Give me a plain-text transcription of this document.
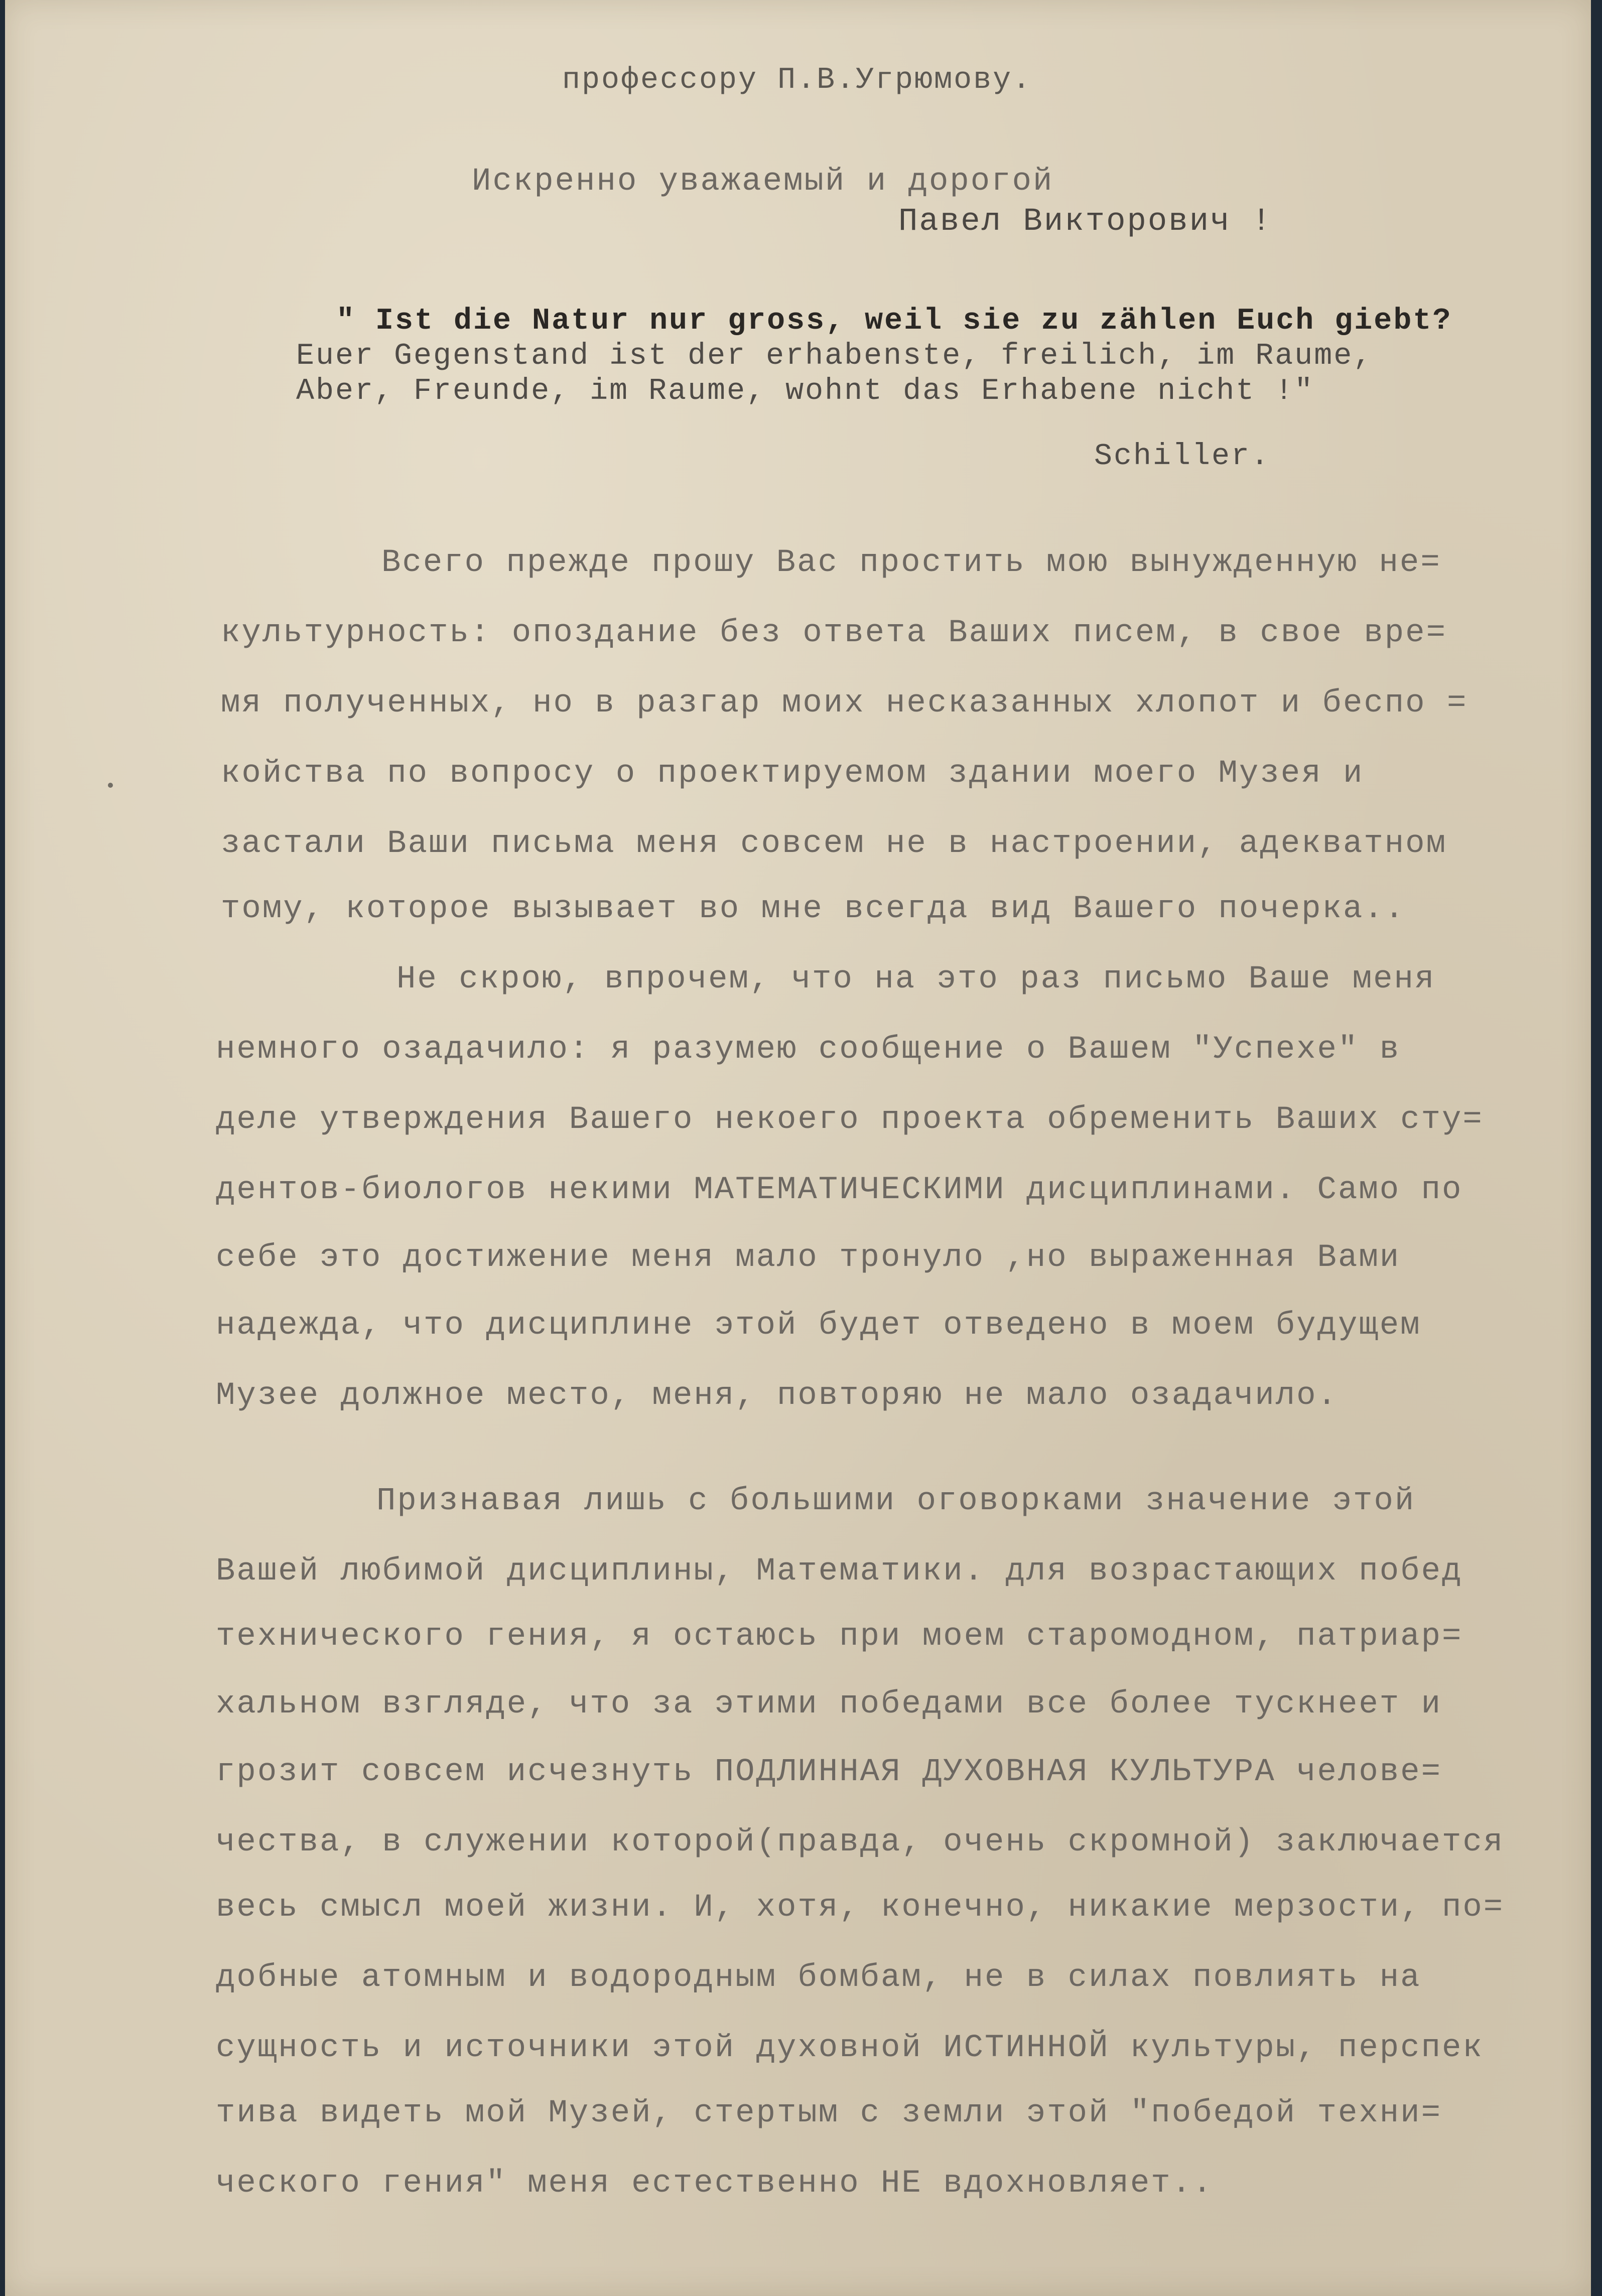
профессору П.В.Угрюмову.
Искренно уважаемый и дорогой
Павел Викторович !
" Ist die Natur nur gross, weil sie zu zählen Euch giebt?
Euer Gegenstand ist der erhabenste, freilich, im Raume,
Aber, Freunde, im Raume, wohnt das Erhabene nicht !"
Schiller.
Всего прежде прошу Вас простить мою вынужденную не=
культурность: опоздание без ответа Ваших писем, в свое вре=
мя полученных, но в разгар моих несказанных хлопот и беспо =
койства по вопросу о проектируемом здании моего Музея и
застали Ваши письма меня совсем не в настроении, адекватном
тому, которое вызывает во мне всегда вид Вашего почерка..
Не скрою, впрочем, что на это раз письмо Ваше меня
немного озадачило: я разумею сообщение о Вашем "Успехе" в
деле утверждения Вашего некоего проекта обременить Ваших сту=
дентов-биологов некими МАТЕМАТИЧЕСКИМИ дисциплинами. Само по
себе это достижение меня мало тронуло ,но выраженная Вами
надежда, что дисциплине этой будет отведено в моем будущем
Музее должное место, меня, повторяю не мало озадачило.
Признавая лишь с большими оговорками значение этой
Вашей любимой дисциплины, Математики. для возрастающих побед
технического гения, я остаюсь при моем старомодном, патриар=
хальном взгляде, что за этими победами все более тускнеет и
грозит совсем исчезнуть ПОДЛИННАЯ ДУХОВНАЯ КУЛЬТУРА челове=
чества, в служении которой(правда, очень скромной) заключается
весь смысл моей жизни. И, хотя, конечно, никакие мерзости, по=
добные атомным и водородным бомбам, не в силах повлиять на
сущность и источники этой духовной ИСТИННОЙ культуры, перспек
тива видеть мой Музей, стертым с земли этой "победой техни=
ческого гения" меня естественно НЕ вдохновляет..
